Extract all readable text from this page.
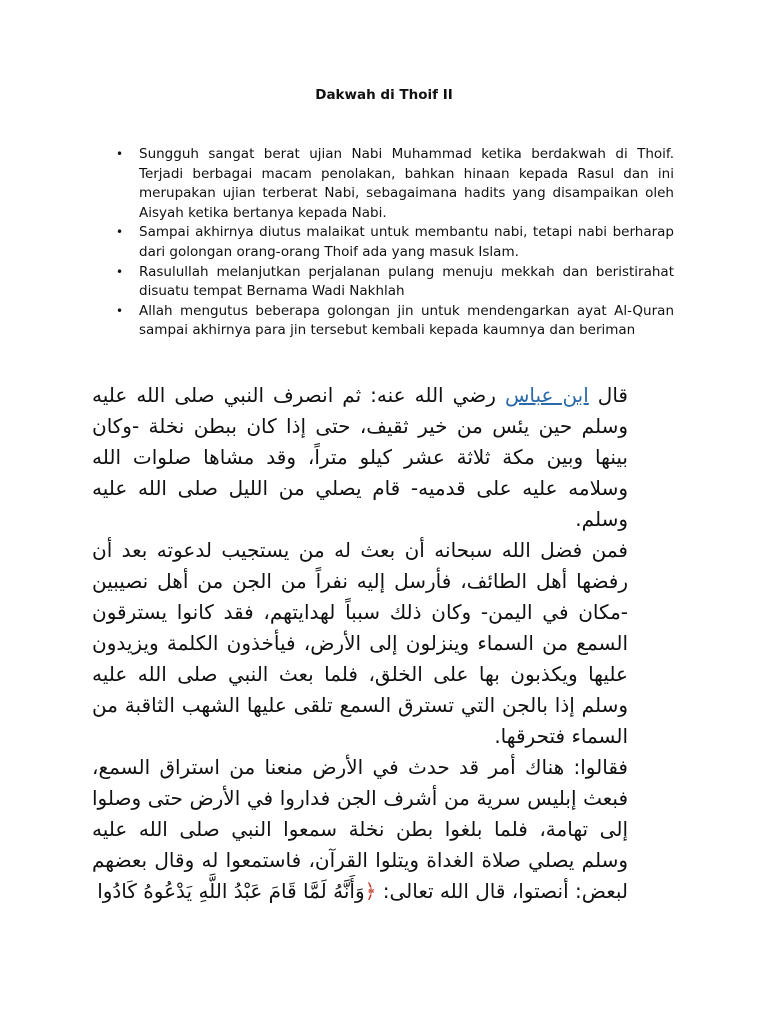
Dakwah di Thoif II
• Sungguh sangat berat ujian Nabi Muhammad ketika berdakwah di Thoif. Terjadi berbagai macam penolakan, bahkan hinaan kepada Rasul dan ini merupakan ujian terberat Nabi, sebagaimana hadits yang disampaikan oleh Aisyah ketika bertanya kepada Nabi.
• Sampai akhirnya diutus malaikat untuk membantu nabi, tetapi nabi berharap dari golongan orang-orang Thoif ada yang masuk Islam.
• Rasulullah melanjutkan perjalanan pulang menuju mekkah dan beristirahat disuatu tempat Bernama Wadi Nakhlah
• Allah mengutus beberapa golongan jin untuk mendengarkan ayat Al-Quran sampai akhirnya para jin tersebut kembali kepada kaumnya dan beriman

قال ابن عباس رضي الله عنه: ثم انصرف النبي صلى الله عليه وسلم حين يئس من خير ثقيف، حتى إذا كان ببطن نخلة -وكان بينها وبين مكة ثلاثة عشر كيلو متراً، وقد مشاها صلوات الله وسلامه عليه على قدميه- قام يصلي من الليل صلى الله عليه وسلم.

فمن فضل الله سبحانه أن بعث له من يستجيب لدعوته بعد أن رفضها أهل الطائف، فأرسل إليه نفراً من الجن من أهل نصيبين -مكان في اليمن- وكان ذلك سبباً لهدايتهم، فقد كانوا يسترقون السمع من السماء وينزلون إلى الأرض، فيأخذون الكلمة ويزيدون عليها ويكذبون بها على الخلق، فلما بعث النبي صلى الله عليه وسلم إذا بالجن التي تسترق السمع تلقى عليها الشهب الثاقبة من السماء فتحرقها.

فقالوا: هناك أمر قد حدث في الأرض منعنا من استراق السمع، فبعث إبليس سرية من أشرف الجن فداروا في الأرض حتى وصلوا إلى تهامة، فلما بلغوا بطن نخلة سمعوا النبي صلى الله عليه وسلم يصلي صلاة الغداة ويتلوا القرآن، فاستمعوا له وقال بعضهم لبعض: أنصتوا، قال الله تعالى: ﴿وَأَنَّهُ لَمَّا قَامَ عَبْدُ اللَّهِ يَدْعُوهُ كَادُوا
